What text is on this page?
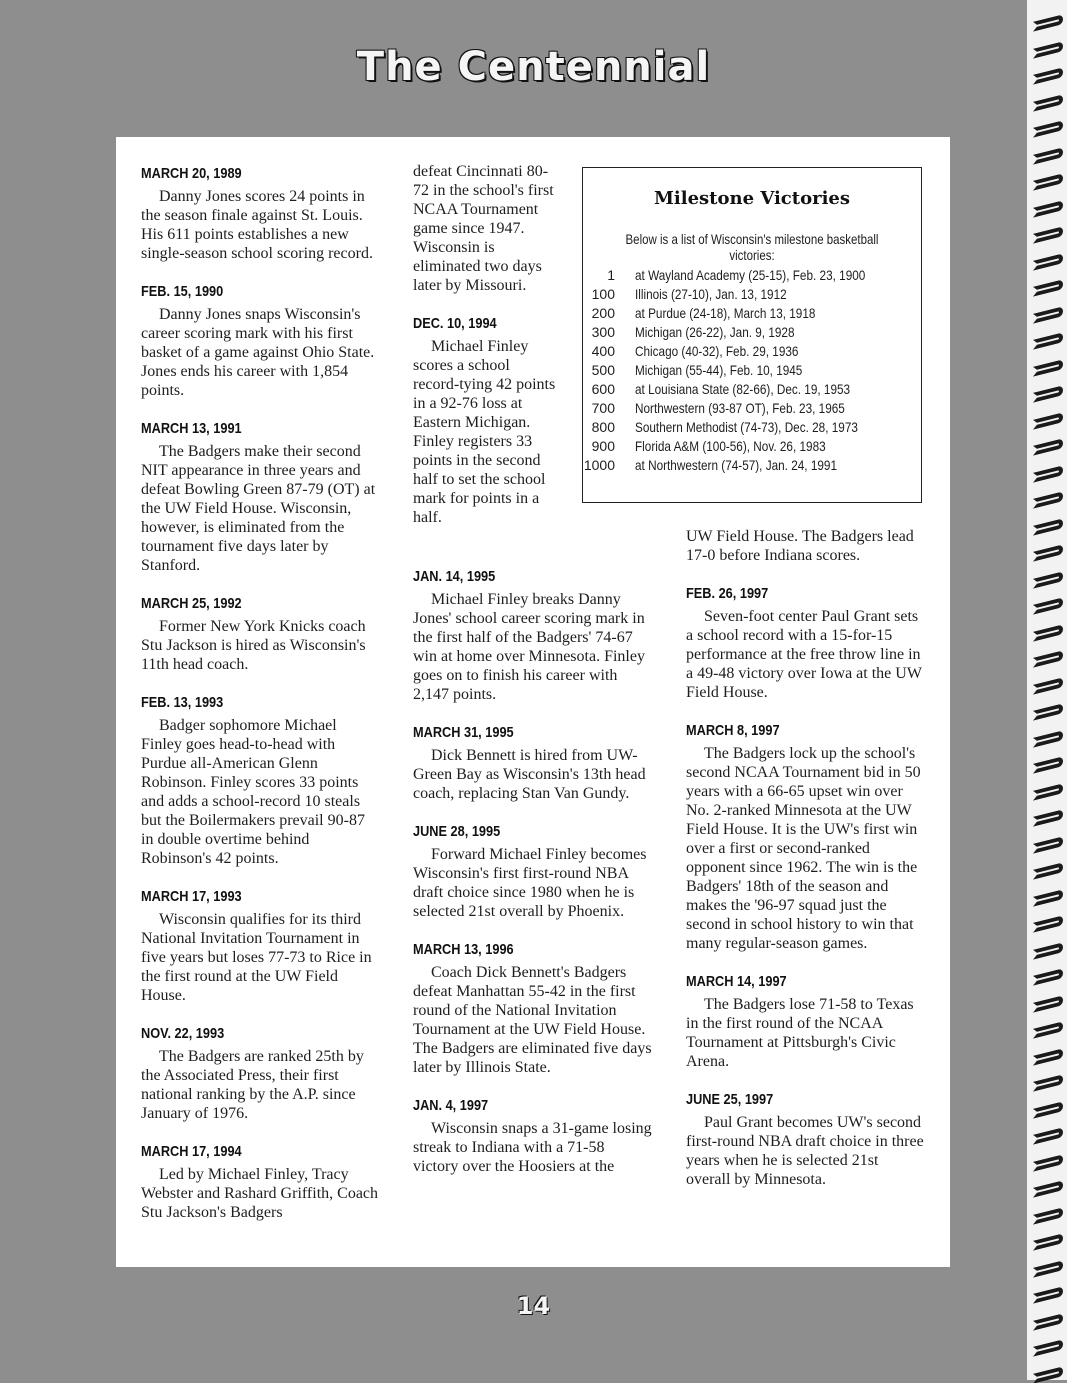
The Centennial
MARCH 20, 1989
Danny Jones scores 24 points in the season finale against St. Louis. His 611 points establishes a new single-season school scoring record.
FEB. 15, 1990
Danny Jones snaps Wisconsin's career scoring mark with his first basket of a game against Ohio State. Jones ends his career with 1,854 points.
MARCH 13, 1991
The Badgers make their second NIT appearance in three years and defeat Bowling Green 87-79 (OT) at the UW Field House. Wisconsin, however, is eliminated from the tournament five days later by Stanford.
MARCH 25, 1992
Former New York Knicks coach Stu Jackson is hired as Wisconsin's 11th head coach.
FEB. 13, 1993
Badger sophomore Michael Finley goes head-to-head with Purdue all-American Glenn Robinson. Finley scores 33 points and adds a school-record 10 steals but the Boilermakers prevail 90-87 in double overtime behind Robinson's 42 points.
MARCH 17, 1993
Wisconsin qualifies for its third National Invitation Tournament in five years but loses 77-73 to Rice in the first round at the UW Field House.
NOV. 22, 1993
The Badgers are ranked 25th by the Associated Press, their first national ranking by the A.P. since January of 1976.
MARCH 17, 1994
Led by Michael Finley, Tracy Webster and Rashard Griffith, Coach Stu Jackson's Badgers
defeat Cincinnati 80-72 in the school's first NCAA Tournament game since 1947. Wisconsin is eliminated two days later by Missouri.
DEC. 10, 1994
Michael Finley scores a school record-tying 42 points in a 92-76 loss at Eastern Michigan. Finley registers 33 points in the second half to set the school mark for points in a half.
JAN. 14, 1995
Michael Finley breaks Danny Jones' school career scoring mark in the first half of the Badgers' 74-67 win at home over Minnesota. Finley goes on to finish his career with 2,147 points.
MARCH 31, 1995
Dick Bennett is hired from UW-Green Bay as Wisconsin's 13th head coach, replacing Stan Van Gundy.
JUNE 28, 1995
Forward Michael Finley becomes Wisconsin's first first-round NBA draft choice since 1980 when he is selected 21st overall by Phoenix.
MARCH 13, 1996
Coach Dick Bennett's Badgers defeat Manhattan 55-42 in the first round of the National Invitation Tournament at the UW Field House. The Badgers are eliminated five days later by Illinois State.
JAN. 4, 1997
Wisconsin snaps a 31-game losing streak to Indiana with a 71-58 victory over the Hoosiers at the
Milestone Victories
Below is a list of Wisconsin's milestone basketball victories:
1	at Wayland Academy (25-15), Feb. 23, 1900
100	Illinois (27-10), Jan. 13, 1912
200	at Purdue (24-18), March 13, 1918
300	Michigan (26-22), Jan. 9, 1928
400	Chicago (40-32), Feb. 29, 1936
500	Michigan (55-44), Feb. 10, 1945
600	at Louisiana State (82-66), Dec. 19, 1953
700	Northwestern (93-87 OT), Feb. 23, 1965
800	Southern Methodist (74-73), Dec. 28, 1973
900	Florida A&M (100-56), Nov. 26, 1983
1000	at Northwestern (74-57), Jan. 24, 1991
UW Field House. The Badgers lead 17-0 before Indiana scores.
FEB. 26, 1997
Seven-foot center Paul Grant sets a school record with a 15-for-15 performance at the free throw line in a 49-48 victory over Iowa at the UW Field House.
MARCH 8, 1997
The Badgers lock up the school's second NCAA Tournament bid in 50 years with a 66-65 upset win over No. 2-ranked Minnesota at the UW Field House. It is the UW's first win over a first or second-ranked opponent since 1962. The win is the Badgers' 18th of the season and makes the '96-97 squad just the second in school history to win that many regular-season games.
MARCH 14, 1997
The Badgers lose 71-58 to Texas in the first round of the NCAA Tournament at Pittsburgh's Civic Arena.
JUNE 25, 1997
Paul Grant becomes UW's second first-round NBA draft choice in three years when he is selected 21st overall by Minnesota.
14
